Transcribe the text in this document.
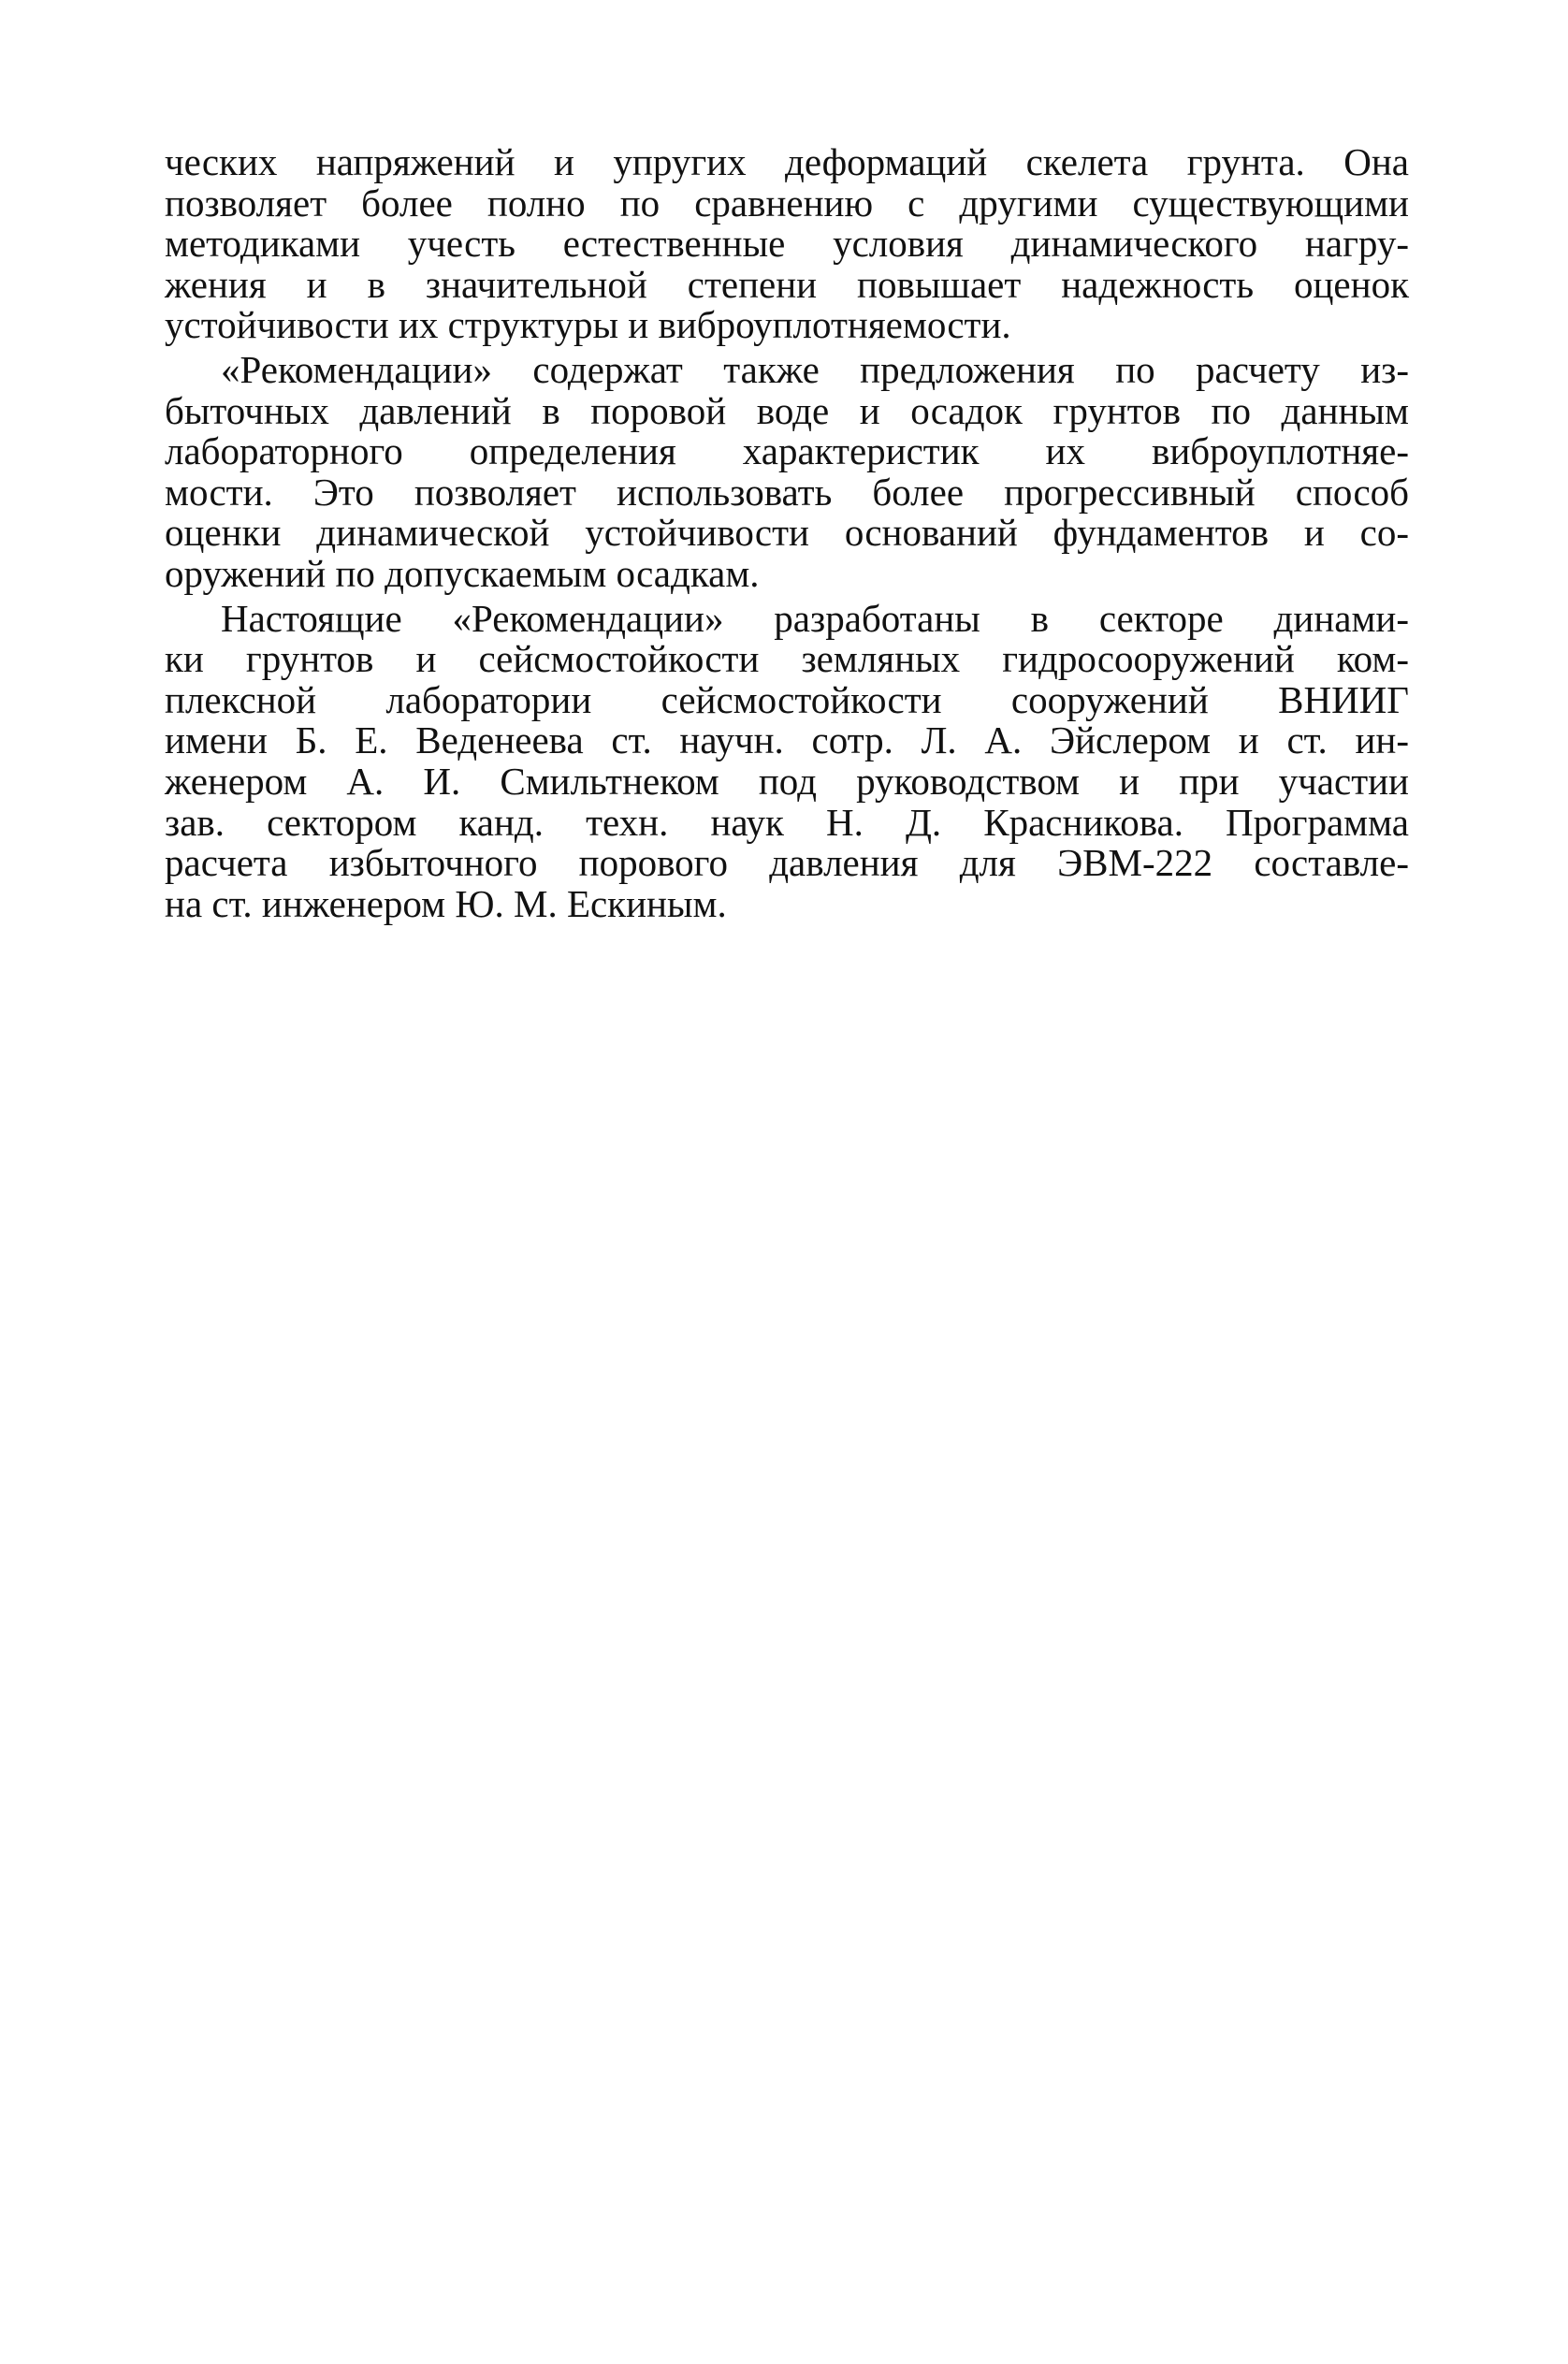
ческих напряжений и упругих деформаций скелета грунта. Она
позволяет более полно по сравнению с другими существующими
методиками учесть естественные условия динамического нагру-
жения и в значительной степени повышает надежность оценок
устойчивости их структуры и виброуплотняемости.

«Рекомендации» содержат также предложения по расчету из-
быточных давлений в поровой воде и осадок грунтов по данным
лабораторного определения характеристик их виброуплотняе-
мости. Это позволяет использовать более прогрессивный способ
оценки динамической устойчивости оснований фундаментов и со-
оружений по допускаемым осадкам.

Настоящие «Рекомендации» разработаны в секторе динами-
ки грунтов и сейсмостойкости земляных гидросооружений ком-
плексной лаборатории сейсмостойкости сооружений ВНИИГ
имени Б. Е. Веденеева ст. научн. сотр. Л. А. Эйслером и ст. ин-
женером А. И. Смильтнеком под руководством и при участии
зав. сектором канд. техн. наук Н. Д. Красникова. Программа
расчета избыточного порового давления для ЭВМ-222 составле-
на ст. инженером Ю. М. Ескиным.
